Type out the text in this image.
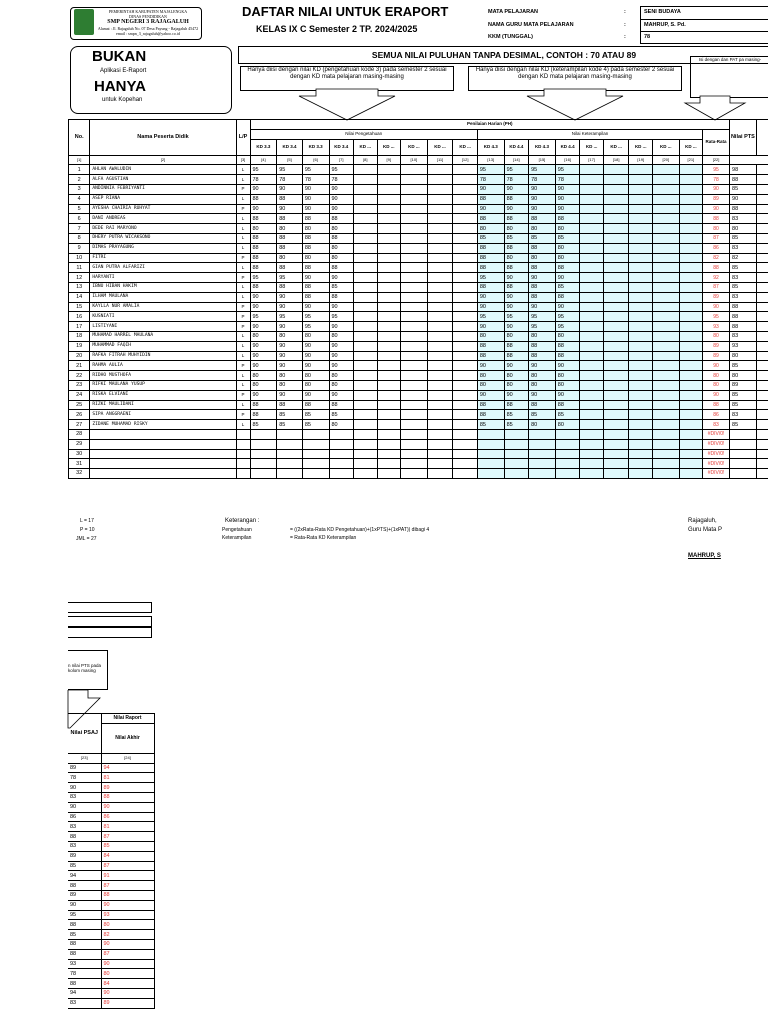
PEMERINTAH KABUPATEN MAJALENGKA
DINAS PENDIDIKAN
SMP NEGERI 3 RAJAGALUH
Alamat : Jl. Rajagaluh No. 07 Desa Payung - Rajagaluh 45472
email : smpn_3_rajagaluh@yahoo.co.id
DAFTAR NILAI UNTUK ERAPORT
KELAS IX C Semester 2 TP. 2024/2025
MATA PELAJARAN
NAMA GURU MATA PELAJARAN
KKM (TUNGGAL)
:
:
:
SENI BUDAYA
MAHRUP, S. Pd.
78
BUKAN
Aplikasi E-Raport
HANYA
untuk Kopehan
SEMUA NILAI PULUHAN TANPA DESIMAL, CONTOH : 70 ATAU 89
Hanya diisi dengan nilai KD (pengetahuan kode 3) pada semester 2 sesuai dengan KD mata pelajaran masing-masing
Hanya diisi dengan nilai KD (keterampilan kode 4) pada semester 2 sesuai dengan KD mata pelajaran masing-masing
Isi dengan dan PAT pa masing-
No.	Nama Peserta Didik	L/P	Penilaian Harian (PH)																			Nilai PTS	
			Nilai Pengetahuan									Nilai Keterampilan									Rata-Rata		
			KD 3.3	KD 3.4	KD 3.3	KD 3.4	KD ...	KD ...	KD ...	KD ...	KD ...	KD 4.3	KD 4.4	KD 4.3	KD 4.4	KD ...	KD ...	KD ...	KD ...	KD ...			
[1]	[2]	[3]	[4]	[5]	[6]	[7]	[8]	[9]	[10]	[11]	[12]	[13]	[14]	[15]	[16]	[17]	[18]	[19]	[20]	[21]	[22]		
1	AHLAN AWALUDIN	L	95	95	95	95						95	95	95	95						95	98	
2	ALFA AGUSTIAN	L	78	78	78	78						78	78	78	78						78	88	
3	ANDINNIA FEBRIYANTI	P	90	90	90	90						90	90	90	90						90	85	
4	ASEP RIANA	L	88	88	90	90						88	88	90	90						89	90	
5	AYESHA CHAIRIA RUHYAT	P	90	90	90	90						90	90	90	90						90	88	
6	DANI ANDREAS	L	88	88	88	88						88	88	88	88						88	83	
7	DEDE RAI MARYONO	L	80	80	80	80						80	80	80	80						80	80	
8	DHERY PUTRA WICAKSONO	L	88	88	88	88						85	85	85	85						87	85	
9	DIMAS PRAYAGUNG	L	88	88	88	80						88	88	88	80						86	83	
10	FITRI	P	88	80	80	80						88	80	80	80						82	82	
11	GIAN PUTRA ALFARIZI	L	88	88	88	88						88	88	88	88						88	85	
12	HARYANTI	P	95	95	90	90						95	90	90	90						92	83	
13	IBNU HIBAN HAKIM	L	88	88	88	85						88	88	88	85						87	85	
14	ILHAM MAULANA	L	90	90	88	88						90	90	88	88						89	83	
15	KAYLLA NUR AMALIA	P	90	90	90	90						90	90	90	90						90	88	
16	KUSNIATI	P	95	95	95	95						95	95	95	95						95	88	
17	LISTIYANI	P	90	90	95	90						90	90	95	95						93	88	
18	MUHAMAD HARREL MAULANA	L	80	80	80	80						80	80	80	80						80	83	
19	MUHAMMAD FAQIH	L	90	90	90	90						88	88	88	88						89	93	
20	RAFKA FITRAH MUHYIDIN	L	90	90	90	90						88	88	88	88						89	80	
21	RAHMA AULIA	P	90	90	90	90						90	90	90	90						90	85	
22	RIDHO MUSTHOFA	L	80	80	80	80						80	80	80	80						80	80	
23	RIFKI MAULANA YUSUP	L	80	80	80	80						80	80	80	80						80	89	
24	RISKA ELVIANI	P	90	90	90	90						90	90	90	90						90	85	
25	RIZKI MAULIDANI	L	88	88	88	88						88	88	88	88						88	85	
26	SIPA ANGGRAENI	P	88	85	85	85						88	85	85	85						86	83	
27	ZIDANE MUHAMAD RISKY	L	85	85	85	80						85	85	80	80						83	85	
28																					#DIV/0!		
29																					#DIV/0!		
30																					#DIV/0!		
31																					#DIV/0!		
32																					#DIV/0!		
L = 17
P = 10
JML = 27
Keterangan :
Pengetahuan	= ((2xRata-Rata KD Pengetahuan)+(1xPTS)+(1xPAT)) dibagi 4
Keterampilan	= Rata-Rata KD Keterampilan
Rajagaluh,
Guru Mata P
MAHRUP, S
n nilai PTS pada kolom masing
Nilai PSAJ	Nilai Raport
	Nilai Akhir
[23]	[24]
89	94
78	81
90	89
83	88
90	90
86	86
83	81
88	87
83	85
89	84
85	87
94	91
88	87
89	88
90	90
95	93
88	80
85	82
88	90
88	87
93	90
78	80
88	84
94	90
83	89
